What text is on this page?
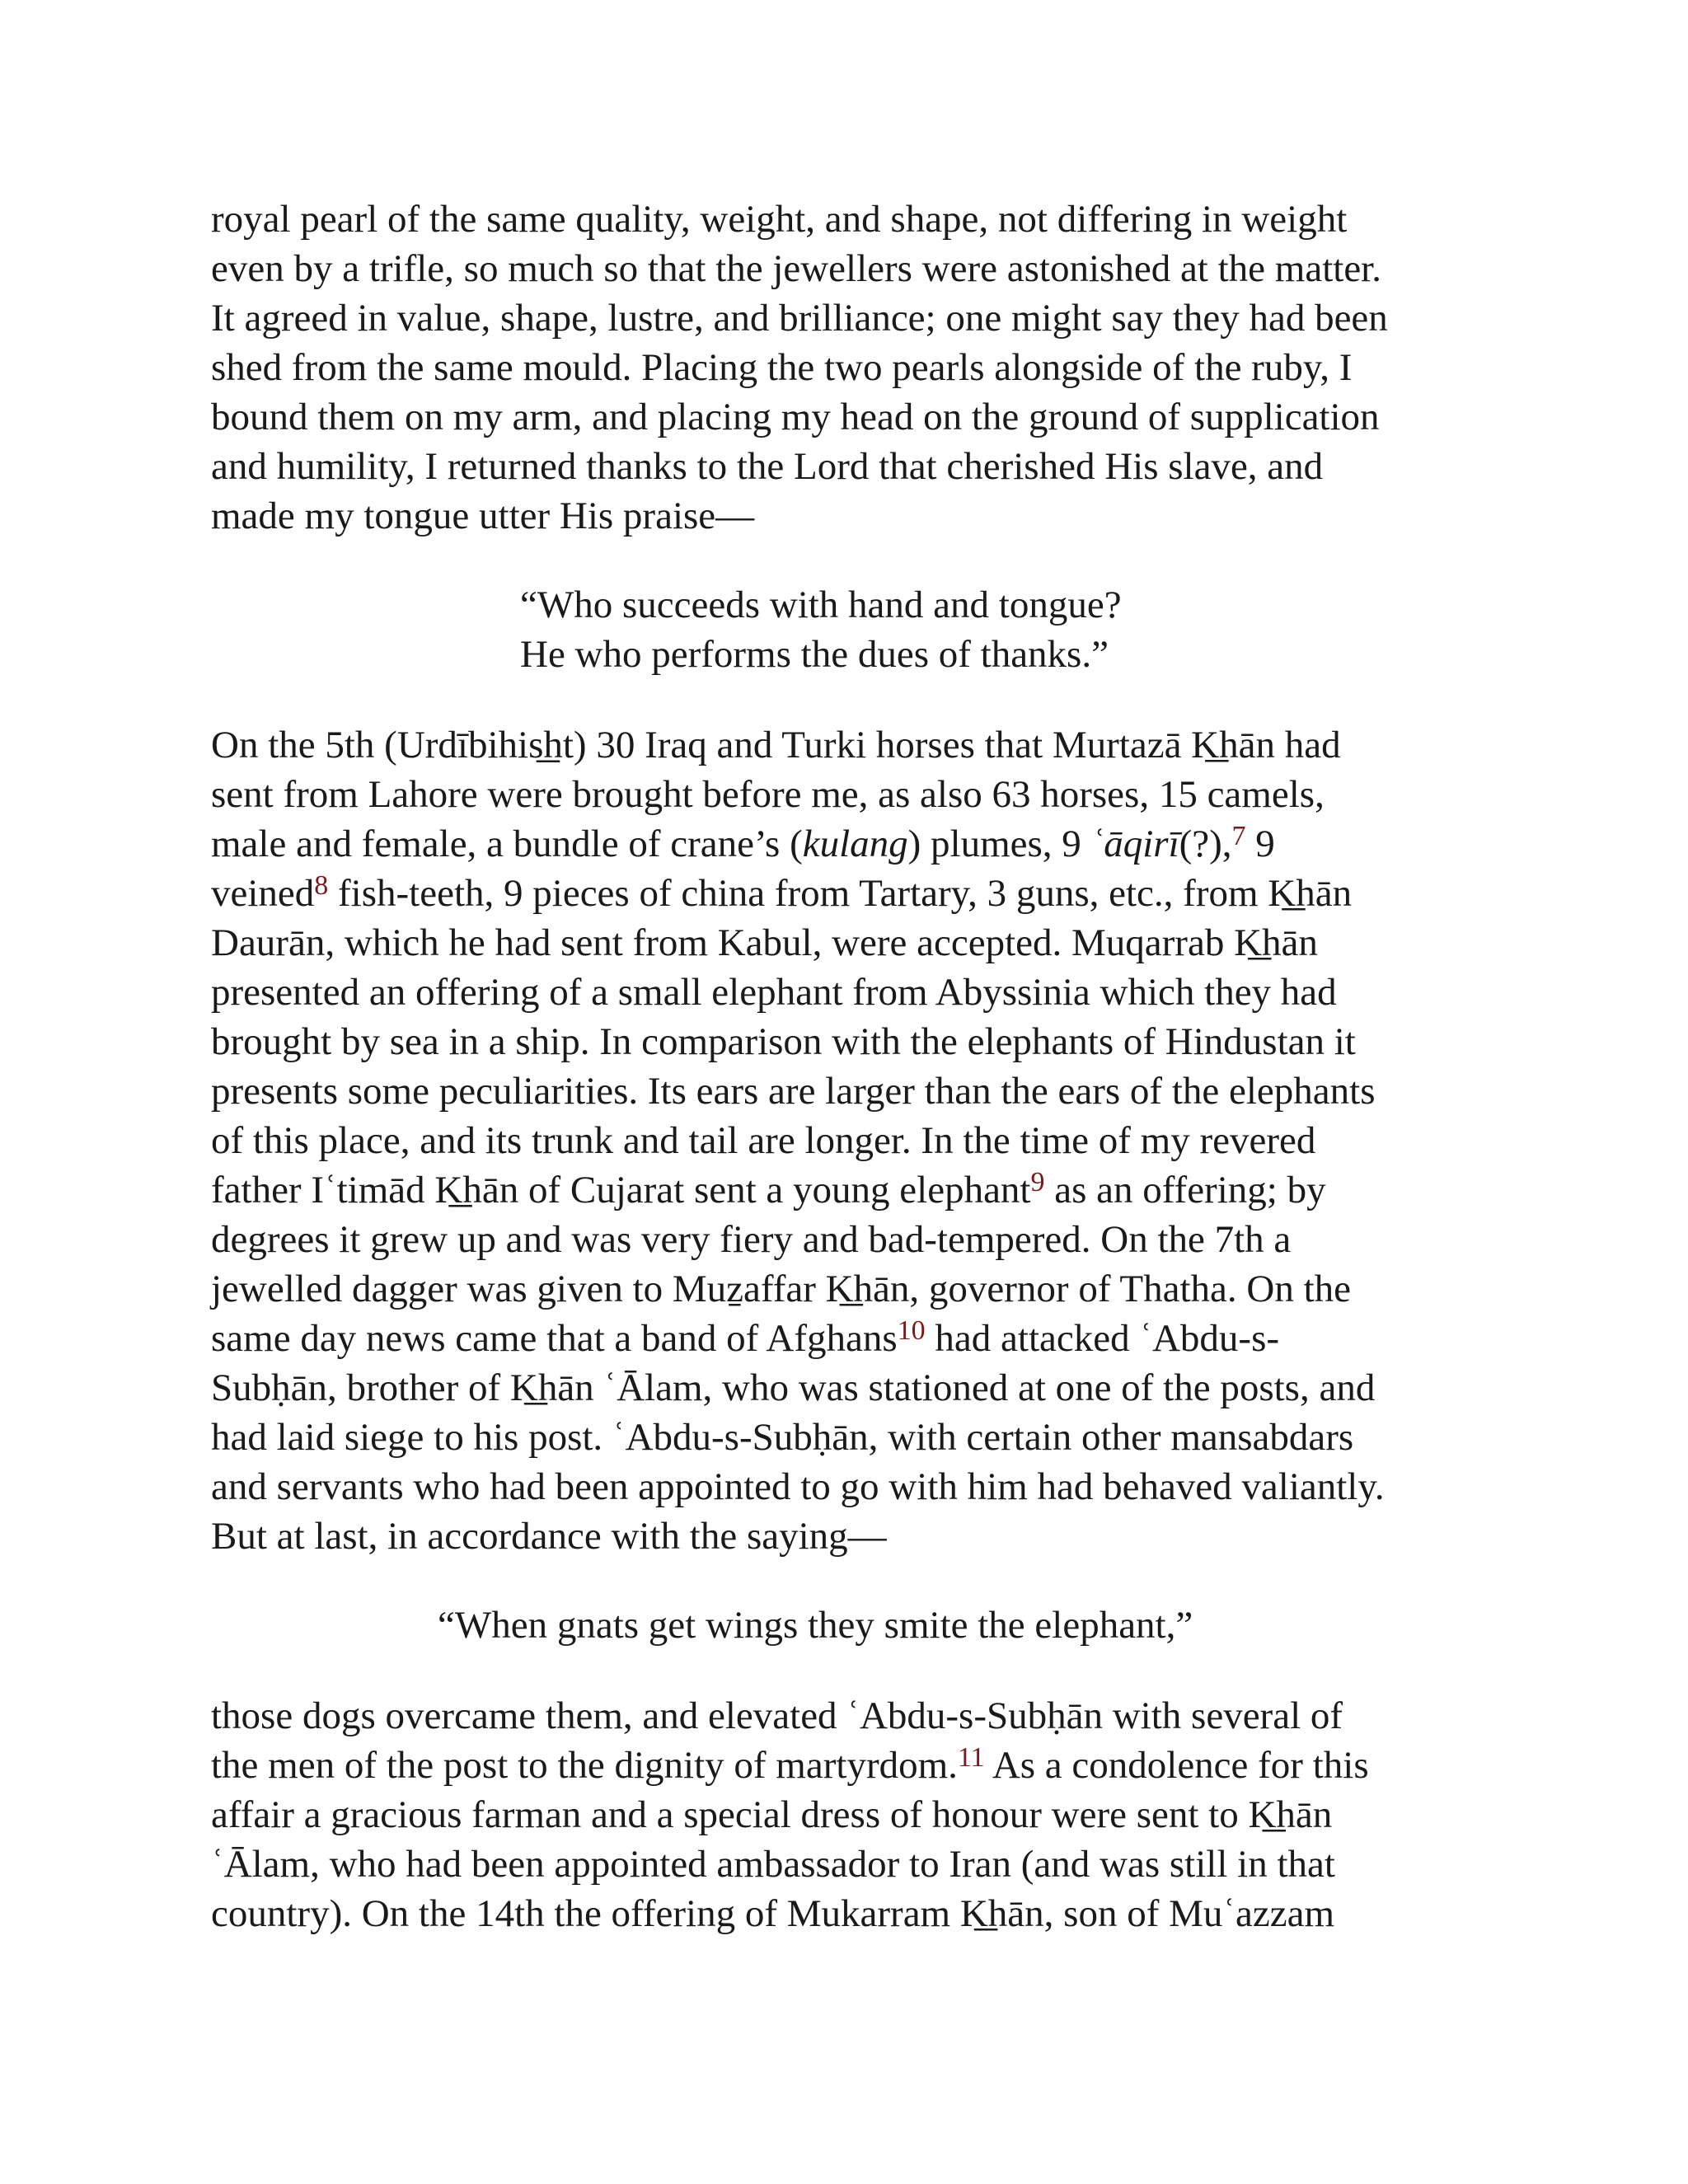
royal pearl of the same quality, weight, and shape, not differing in weight
even by a trifle, so much so that the jewellers were astonished at the matter.
It agreed in value, shape, lustre, and brilliance; one might say they had been
shed from the same mould. Placing the two pearls alongside of the ruby, I
bound them on my arm, and placing my head on the ground of supplication
and humility, I returned thanks to the Lord that cherished His slave, and
made my tongue utter His praise—

“Who succeeds with hand and tongue?
He who performs the dues of thanks.”

On the 5th (Urdībihis͟ht) 30 Iraq and Turki horses that Murtazā K͟hān had
sent from Lahore were brought before me, as also 63 horses, 15 camels,
male and female, a bundle of crane’s (kulang) plumes, 9 ʿāqirī(?),$^7$ 9
veined$^8$ fish-teeth, 9 pieces of china from Tartary, 3 guns, etc., from K͟hān
Daurān, which he had sent from Kabul, were accepted. Muqarrab K͟hān
presented an offering of a small elephant from Abyssinia which they had
brought by sea in a ship. In comparison with the elephants of Hindustan it
presents some peculiarities. Its ears are larger than the ears of the elephants
of this place, and its trunk and tail are longer. In the time of my revered
father Iʿtimād K͟hān of Cujarat sent a young elephant$^9$ as an offering; by
degrees it grew up and was very fiery and bad-tempered. On the 7th a
jewelled dagger was given to Muẕaffar K͟hān, governor of Thatha. On the
same day news came that a band of Afghans$^{10}$ had attacked ʿAbdu-s-
Subḥān, brother of K͟hān ʿĀlam, who was stationed at one of the posts, and
had laid siege to his post. ʿAbdu-s-Subḥān, with certain other mansabdars
and servants who had been appointed to go with him had behaved valiantly.
But at last, in accordance with the saying—

“When gnats get wings they smite the elephant,”

those dogs overcame them, and elevated ʿAbdu-s-Subḥān with several of
the men of the post to the dignity of martyrdom.$^{11}$ As a condolence for this
affair a gracious farman and a special dress of honour were sent to K͟hān
ʿĀlam, who had been appointed ambassador to Iran (and was still in that
country). On the 14th the offering of Mukarram K͟hān, son of Muʿazzam
